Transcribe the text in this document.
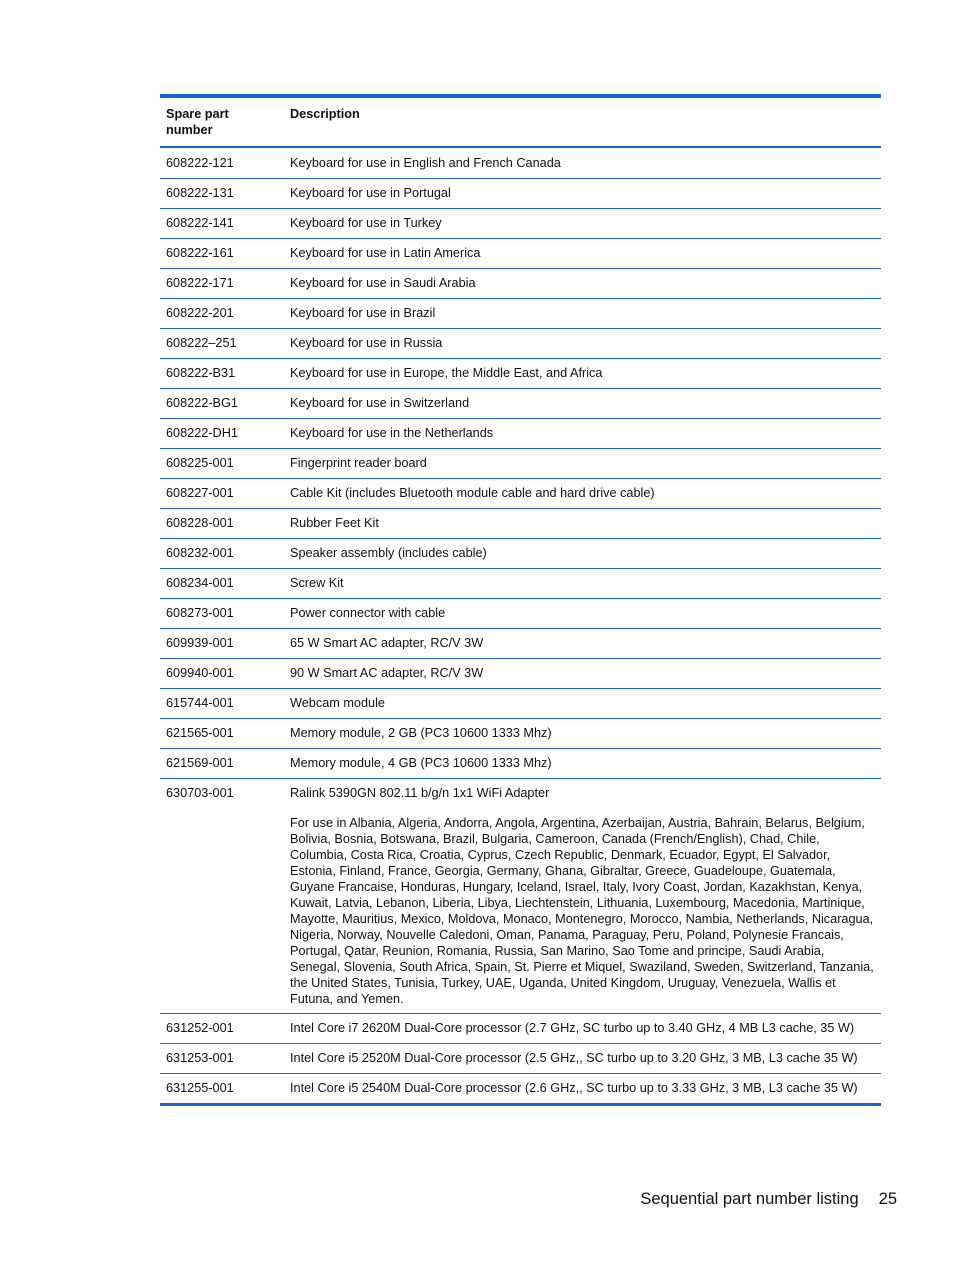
Spare part number	Description
608222-121	Keyboard for use in English and French Canada
608222-131	Keyboard for use in Portugal
608222-141	Keyboard for use in Turkey
608222-161	Keyboard for use in Latin America
608222-171	Keyboard for use in Saudi Arabia
608222-201	Keyboard for use in Brazil
608222–251	Keyboard for use in Russia
608222-B31	Keyboard for use in Europe, the Middle East, and Africa
608222-BG1	Keyboard for use in Switzerland
608222-DH1	Keyboard for use in the Netherlands
608225-001	Fingerprint reader board
608227-001	Cable Kit (includes Bluetooth module cable and hard drive cable)
608228-001	Rubber Feet Kit
608232-001	Speaker assembly (includes cable)
608234-001	Screw Kit
608273-001	Power connector with cable
609939-001	65 W Smart AC adapter, RC/V 3W
609940-001	90 W Smart AC adapter, RC/V 3W
615744-001	Webcam module
621565-001	Memory module, 2 GB (PC3 10600 1333 Mhz)
621569-001	Memory module, 4 GB (PC3 10600 1333 Mhz)
630703-001	Ralink 5390GN 802.11 b/g/n 1x1 WiFi Adapter
For use in Albania, Algeria, Andorra, Angola, Argentina, Azerbaijan, Austria, Bahrain, Belarus, Belgium, Bolivia, Bosnia, Botswana, Brazil, Bulgaria, Cameroon, Canada (French/English), Chad, Chile, Columbia, Costa Rica, Croatia, Cyprus, Czech Republic, Denmark, Ecuador, Egypt, El Salvador, Estonia, Finland, France, Georgia, Germany, Ghana, Gibraltar, Greece, Guadeloupe, Guatemala, Guyane Francaise, Honduras, Hungary, Iceland, Israel, Italy, Ivory Coast, Jordan, Kazakhstan, Kenya, Kuwait, Latvia, Lebanon, Liberia, Libya, Liechtenstein, Lithuania, Luxembourg, Macedonia, Martinique, Mayotte, Mauritius, Mexico, Moldova, Monaco, Montenegro, Morocco, Nambia, Netherlands, Nicaragua, Nigeria, Norway, Nouvelle Caledoni, Oman, Panama, Paraguay, Peru, Poland, Polynesie Francais, Portugal, Qatar, Reunion, Romania, Russia, San Marino, Sao Tome and principe, Saudi Arabia, Senegal, Slovenia, South Africa, Spain, St. Pierre et Miquel, Swaziland, Sweden, Switzerland, Tanzania, the United States, Tunisia, Turkey, UAE, Uganda, United Kingdom, Uruguay, Venezuela, Wallis et Futuna, and Yemen.

631252-001	Intel Core i7 2620M Dual-Core processor (2.7 GHz, SC turbo up to 3.40 GHz, 4 MB L3 cache, 35 W)
631253-001	Intel Core i5 2520M Dual-Core processor (2.5 GHz,, SC turbo up to 3.20 GHz, 3 MB, L3 cache 35 W)
631255-001	Intel Core i5 2540M Dual-Core processor (2.6 GHz,, SC turbo up to 3.33 GHz, 3 MB, L3 cache 35 W)
Sequential part number listing 25
